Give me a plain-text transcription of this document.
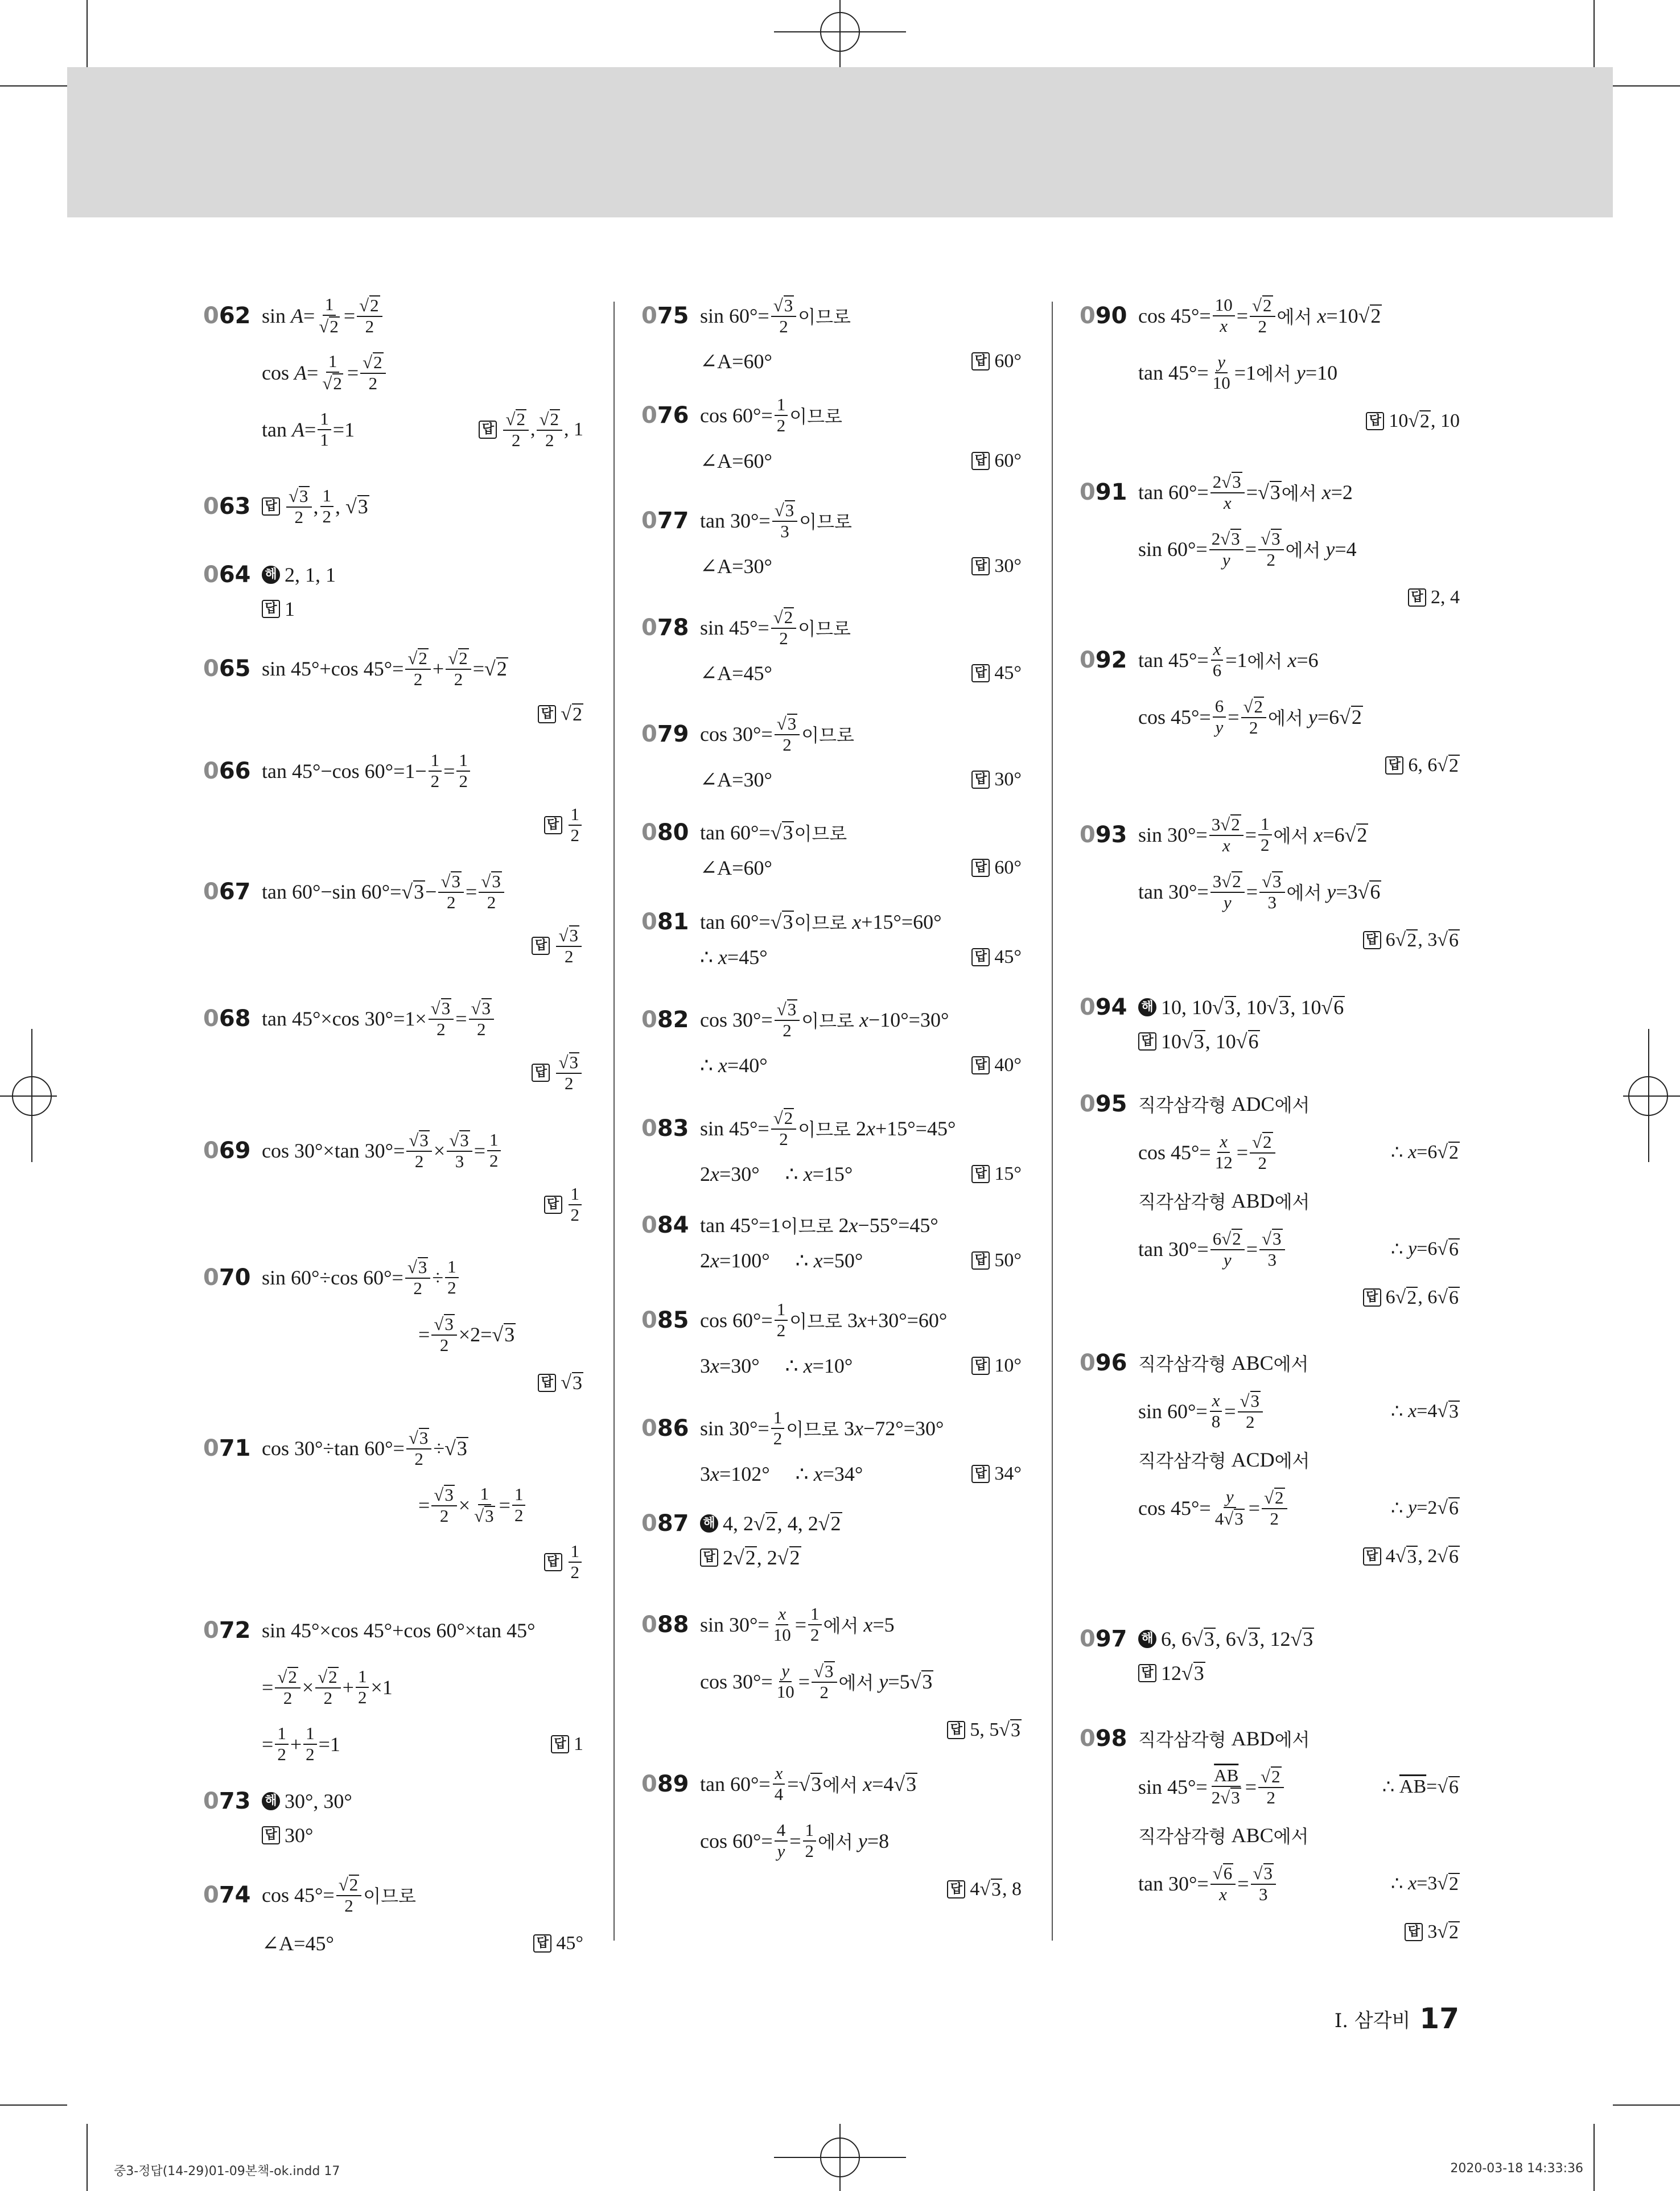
0 62 sin A =
1
√2 = √2
2
cos A =
1
√2 = √2
2
tan A = 1
1 =1	답
√2
2
, √2
2
, 1
0 63 답
√3
2 , 1
2 , √ 3
0 64 해 2, 1, 1
답 1
0 65 sin 45°+cos 45°= √2
2 + √2
2 =√ 2
답 √ 2
0 66 tan 45°−cos 60°=1− 1
2 = 1
2
답
1
2
0 67 tan 60°−sin 60°=√ 3 − √3
2 = √3
2
답
√3
2
0 68 tan 45°×cos 30°=1× √3
2 = √3
2
답
√3
2
0 69 cos 30°×tan 30°= √3
2 × √3
3 = 1
2
답
1
2
0 70 sin 60°÷cos 60°= √3
2 ÷ 1
2
= √3
2 ×2=√ 3
답 √ 3
0 71 cos 30°÷tan 60°= √3
2 ÷√ 3
= √3
2 ×
1
√3 = 1
2
답
1
2
0 72 sin 45°×cos 45°+cos 60°×tan 45°
= √2
2 × √2
2 + 1
2 ×1
= 1
2 + 1
2 =1	답 1
0 73 해 30°, 30°
답 30°
0 74 cos 45°= √2
2 이므로
∠A=45°	답 45°
0 75 sin 60°= √3
2 이므로
∠A=60°	답 60°
0 76 cos 60°= 1
2 이므로
∠A=60°	답 60°
0 77 tan 30°= √3
3 이므로
∠A=30°	답 30°
0 78 sin 45°= √2
2 이므로
∠A=45°	답 45°
0 79 cos 30°= √3
2 이므로
∠A=30°	답 30°
0 80 tan 60°=√ 3 이므로
∠A=60°	답 60°
0 81 tan 60°=√ 3 이므로
x +15°=60°
∴ x =45°	답 45°
0 82 cos 30°= √3
2 이므로
x −10°=30°
∴ x =40°	답 40°
0 83 sin 45°= √2
2 이므로 2 x +15°=45°
2 x =30°     ∴ x =15°	답 15°
0 84 tan 45°=1 이므로 2 x −55°=45°
2 x =100°     ∴ x =50°	답 50°
0 85 cos 60°= 1
2 이므로 3 x +30°=60°
3 x =30°     ∴ x =10°	답 10°
0 86 sin 30°= 1
2 이므로 3 x −72°=30°
3 x =102°     ∴ x =34°	답 34°
0 87 해 4, 2√ 2 , 4, 2√ 2
답 2√ 2 , 2√ 2
0 88 sin 30°= x
10 = 1
2 에서
x =5
cos 30°= y
10 = √3
2 에서
y =5√ 3
답 5, 5√ 3
0 89 tan 60°= x
4 =√ 3 에서
x =4√ 3
cos 60°= 4
y = 1
2 에서
y =8
답 4√ 3 , 8
0 90 cos 45°= 10
x = √2
2 에서
x =10√ 2
tan 45°= y
10 =1 에서
y =10
답 10√ 2 , 10
0 91 tan 60°= 2√3
x =√ 3 에서
x =2
sin 60°= 2√3
y = √3
2 에서
y =4
답 2, 4
0 92 tan 45°= x
6 =1 에서
x =6
cos 45°= 6
y = √2
2 에서
y =6√ 2
답 6, 6√ 2
0 93 sin 30°= 3√2
x = 1
2 에서
x =6√ 2
tan 30°= 3√2
y = √3
3 에서
y =3√ 6
답 6√ 2 , 3√ 6
0 94 해 10, 10√ 3 , 10√ 3 , 10√ 6
답 10√ 3 , 10√ 6
0 95 직각삼각형 ADC 에서
cos 45°= x
12 = √2
2	∴ x =6√ 2
직각삼각형 ABD 에서
tan 30°= 6√2
y = √3
3	∴ y =6√ 6
답 6√ 2 , 6√ 6
0 96 직각삼각형 ABC 에서
sin 60°= x
8 = √3
2	∴ x =4√ 3
직각삼각형 ACD 에서
cos 45°=
y
4√3 = √2
2	∴ y =2√ 6
답 4√ 3 , 2√ 6
0 97 해 6, 6√ 3 , 6√ 3 , 12√ 3
답 12√ 3
0 98 직각삼각형 ABD 에서
sin 45°=
$\overline{AB}$
2√3 = √2
2	∴ $\overline{AB}$ =√ 6
직각삼각형 ABC 에서
tan 30°= √6
x = √3
3	∴ x =3√ 2
답 3√ 2
Ⅰ. 삼각비 17
중3-정답(14-29)01-09본책-ok.indd 17	2020-03-18 14:33:36
